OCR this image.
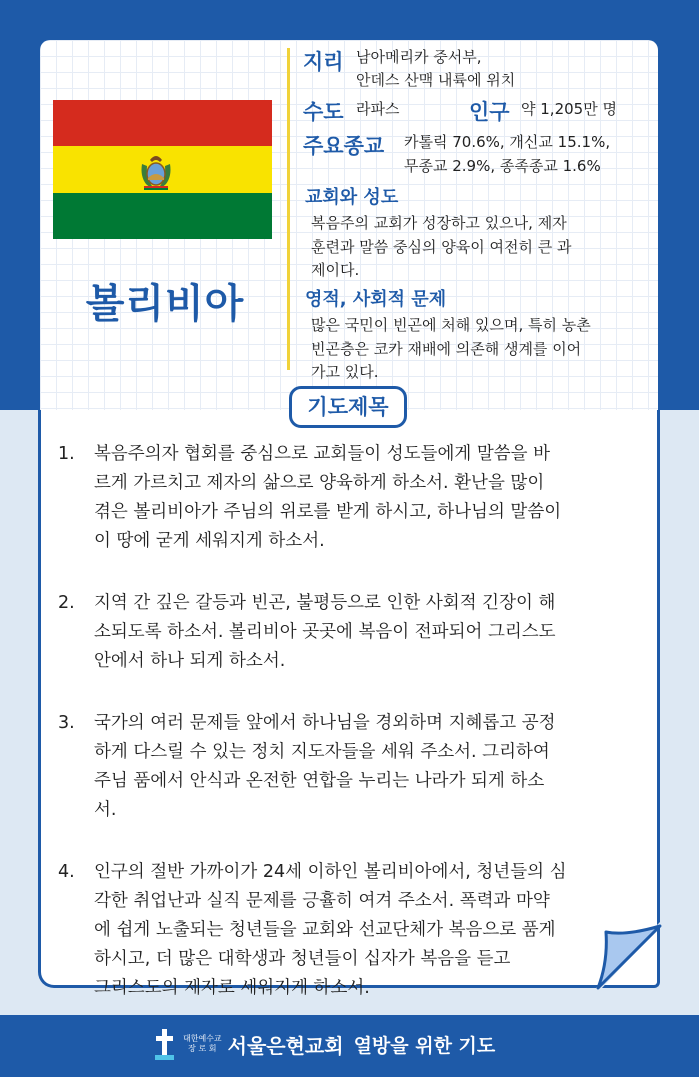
볼리비아
지리 남아메리카 중서부,
안데스 산맥 내륙에 위치
수도 라파스	인구 약 1,205만 명
주요종교 카톨릭 70.6%, 개신교 15.1%,
무종교 2.9%, 종족종교 1.6%
교회와 성도
복음주의 교회가 성장하고 있으나, 제자
훈련과 말씀 중심의 양육이 여전히 큰 과
제이다.
영적, 사회적 문제
많은 국민이 빈곤에 처해 있으며, 특히 농촌
빈곤층은 코카 재배에 의존해 생계를 이어
가고 있다.
기도제목
1. 복음주의자 협회를 중심으로 교회들이 성도들에게 말씀을 바
르게 가르치고 제자의 삶으로 양육하게 하소서. 환난을 많이
겪은 볼리비아가 주님의 위로를 받게 하시고, 하나님의 말씀이
이 땅에 굳게 세워지게 하소서.
2. 지역 간 깊은 갈등과 빈곤, 불평등으로 인한 사회적 긴장이 해
소되도록 하소서. 볼리비아 곳곳에 복음이 전파되어 그리스도
안에서 하나 되게 하소서.
3. 국가의 여러 문제들 앞에서 하나님을 경외하며 지혜롭고 공정
하게 다스릴 수 있는 정치 지도자들을 세워 주소서. 그리하여
주님 품에서 안식과 온전한 연합을 누리는 나라가 되게 하소
서.
4. 인구의 절반 가까이가 24세 이하인 볼리비아에서, 청년들의 심
각한 취업난과 실직 문제를 긍휼히 여겨 주소서. 폭력과 마약
에 쉽게 노출되는 청년들을 교회와 선교단체가 복음으로 품게
하시고, 더 많은 대학생과 청년들이 십자가 복음을 듣고
그리스도의 제자로 세워지게 하소서.
대한예수교
장 로 회 서울은현교회 열방을 위한 기도
